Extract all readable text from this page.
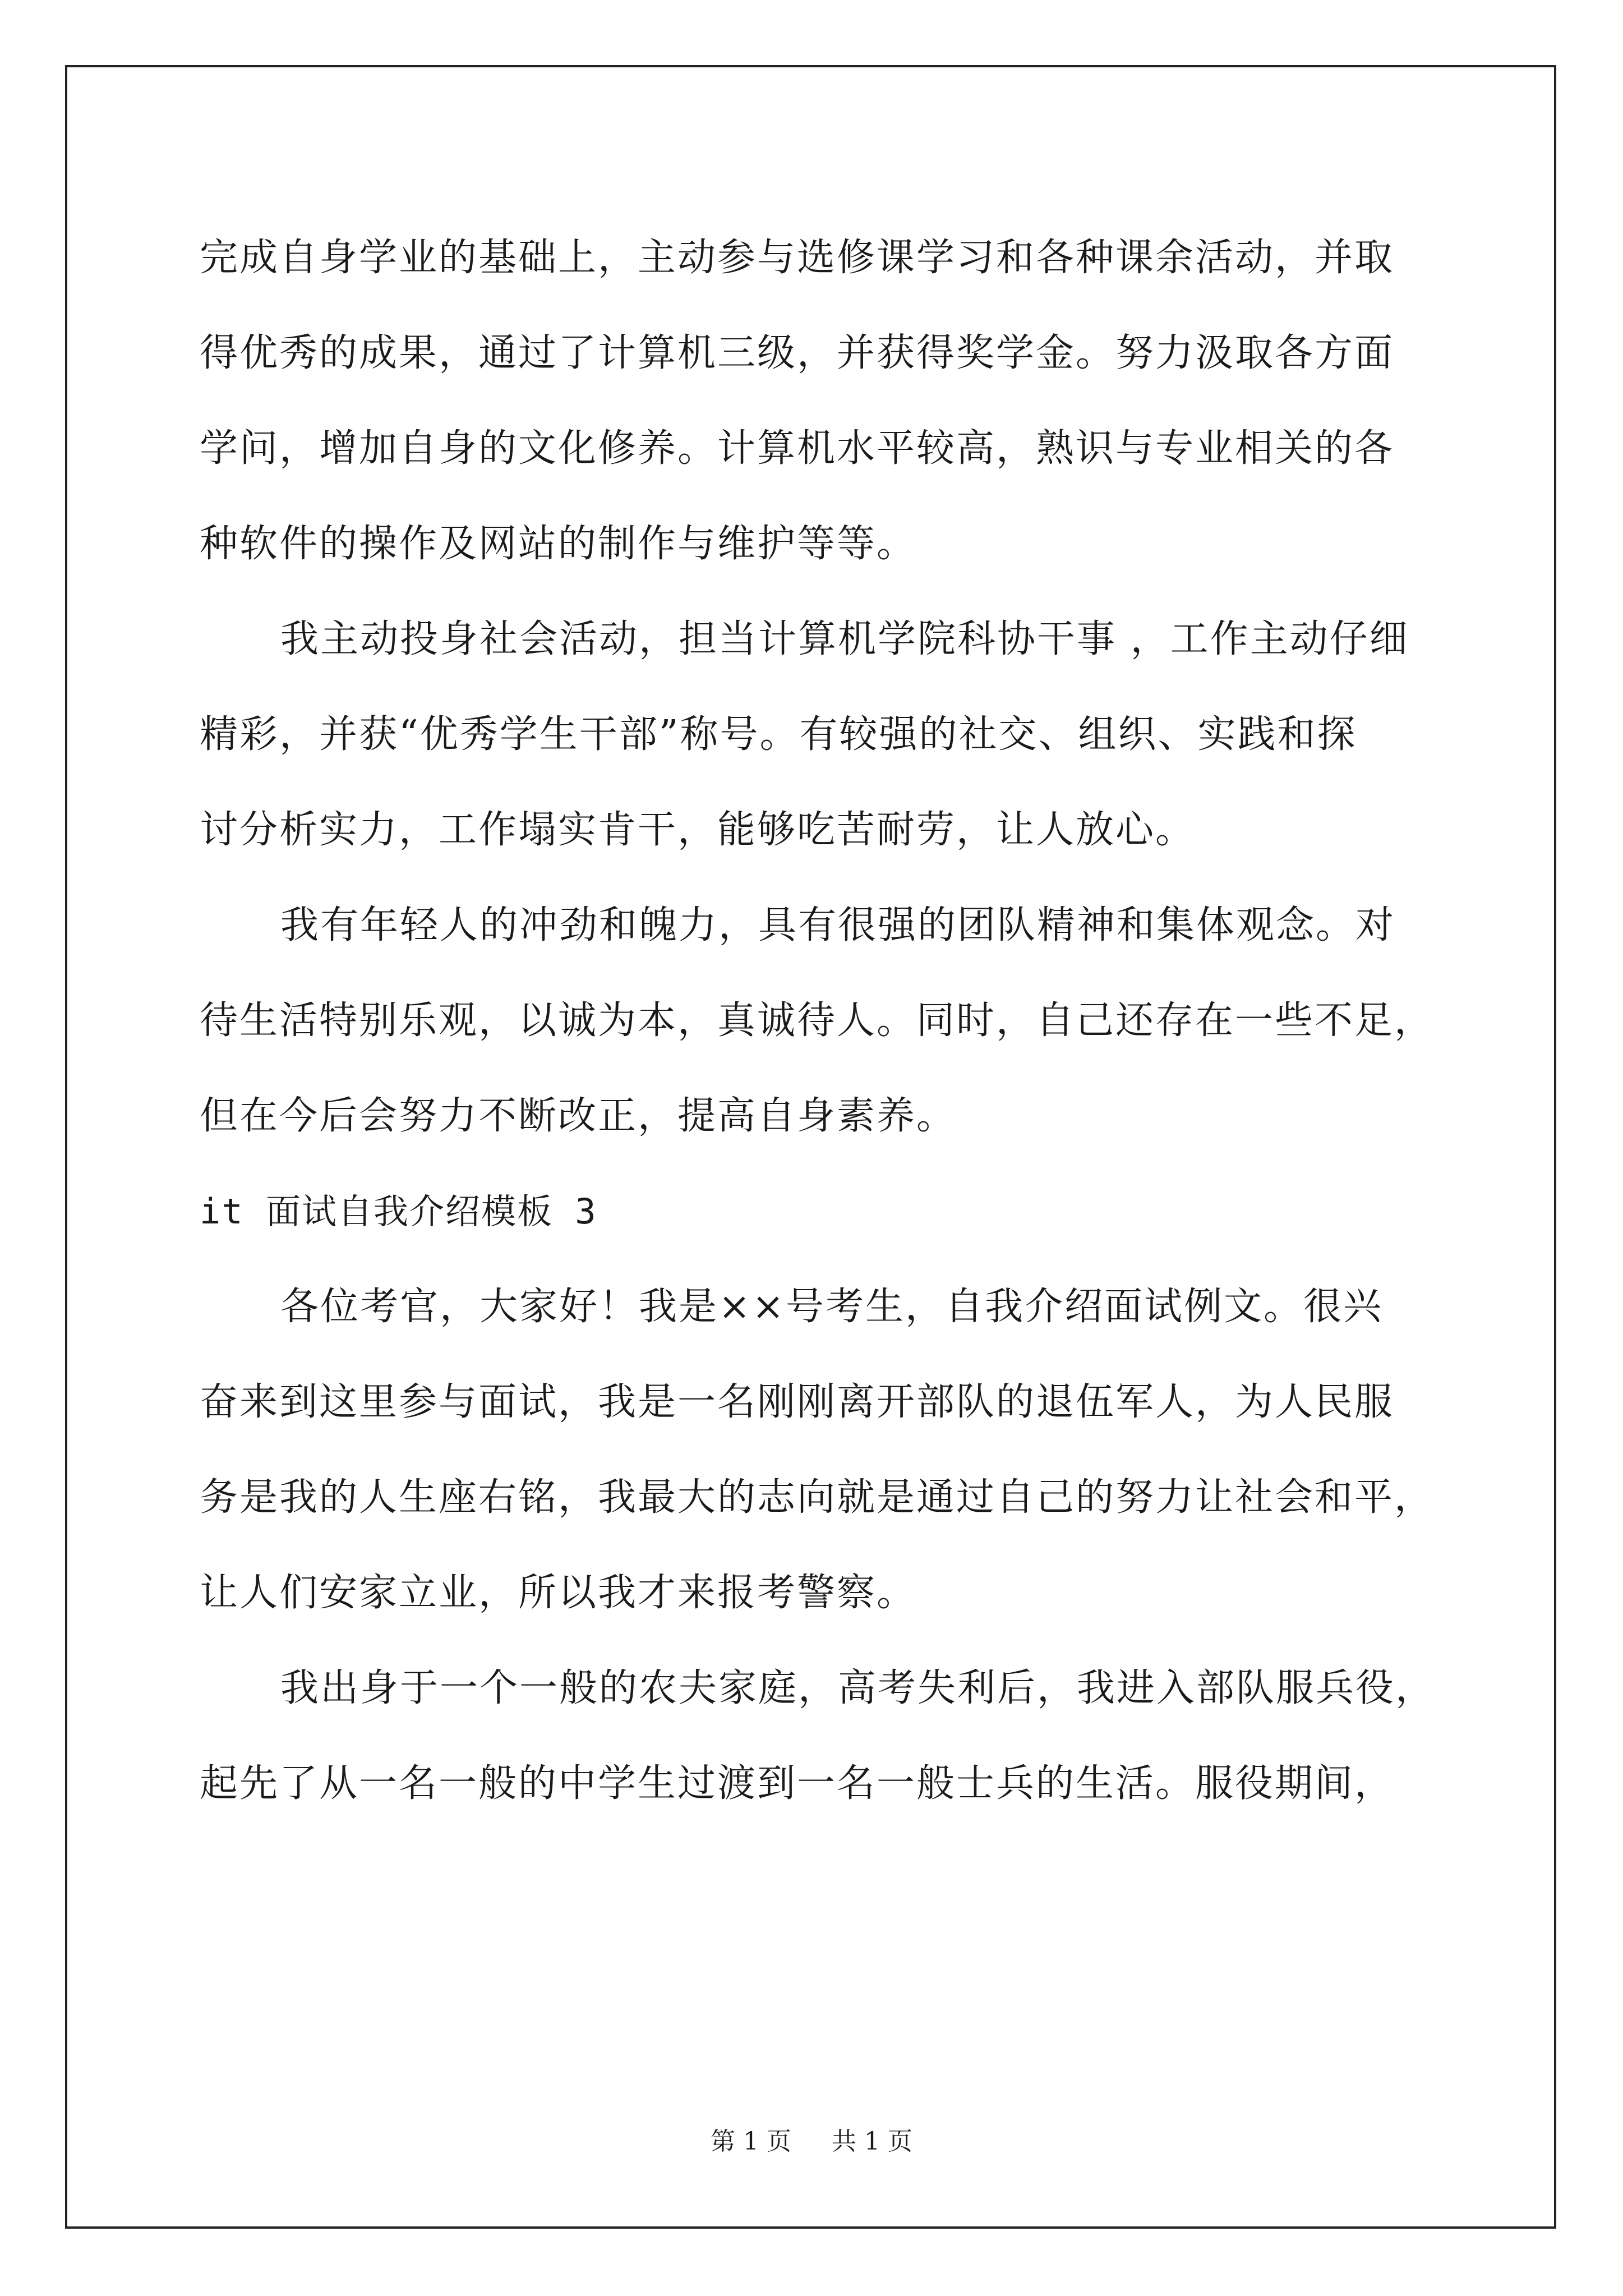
完成自身学业的基础上，主动参与选修课学习和各种课余活动，并取
得优秀的成果，通过了计算机三级，并获得奖学金。努力汲取各方面
学问，增加自身的文化修养。计算机水平较高，熟识与专业相关的各
种软件的操作及网站的制作与维护等等。
我主动投身社会活动，担当计算机学院科协干事 ，工作主动仔细
精彩，并获“优秀学生干部”称号。有较强的社交、组织、实践和探
讨分析实力，工作塌实肯干，能够吃苦耐劳，让人放心。
我有年轻人的冲劲和魄力，具有很强的团队精神和集体观念。对
待生活特别乐观，以诚为本，真诚待人。同时，自己还存在一些不足，
但在今后会努力不断改正，提高自身素养。
it 面试自我介绍模板 3
各位考官，大家好！我是××号考生，自我介绍面试例文。很兴
奋来到这里参与面试，我是一名刚刚离开部队的退伍军人，为人民服
务是我的人生座右铭，我最大的志向就是通过自己的努力让社会和平，
让人们安家立业，所以我才来报考警察。
我出身于一个一般的农夫家庭，高考失利后，我进入部队服兵役，
起先了从一名一般的中学生过渡到一名一般士兵的生活。服役期间，
第 1 页 共 1 页
